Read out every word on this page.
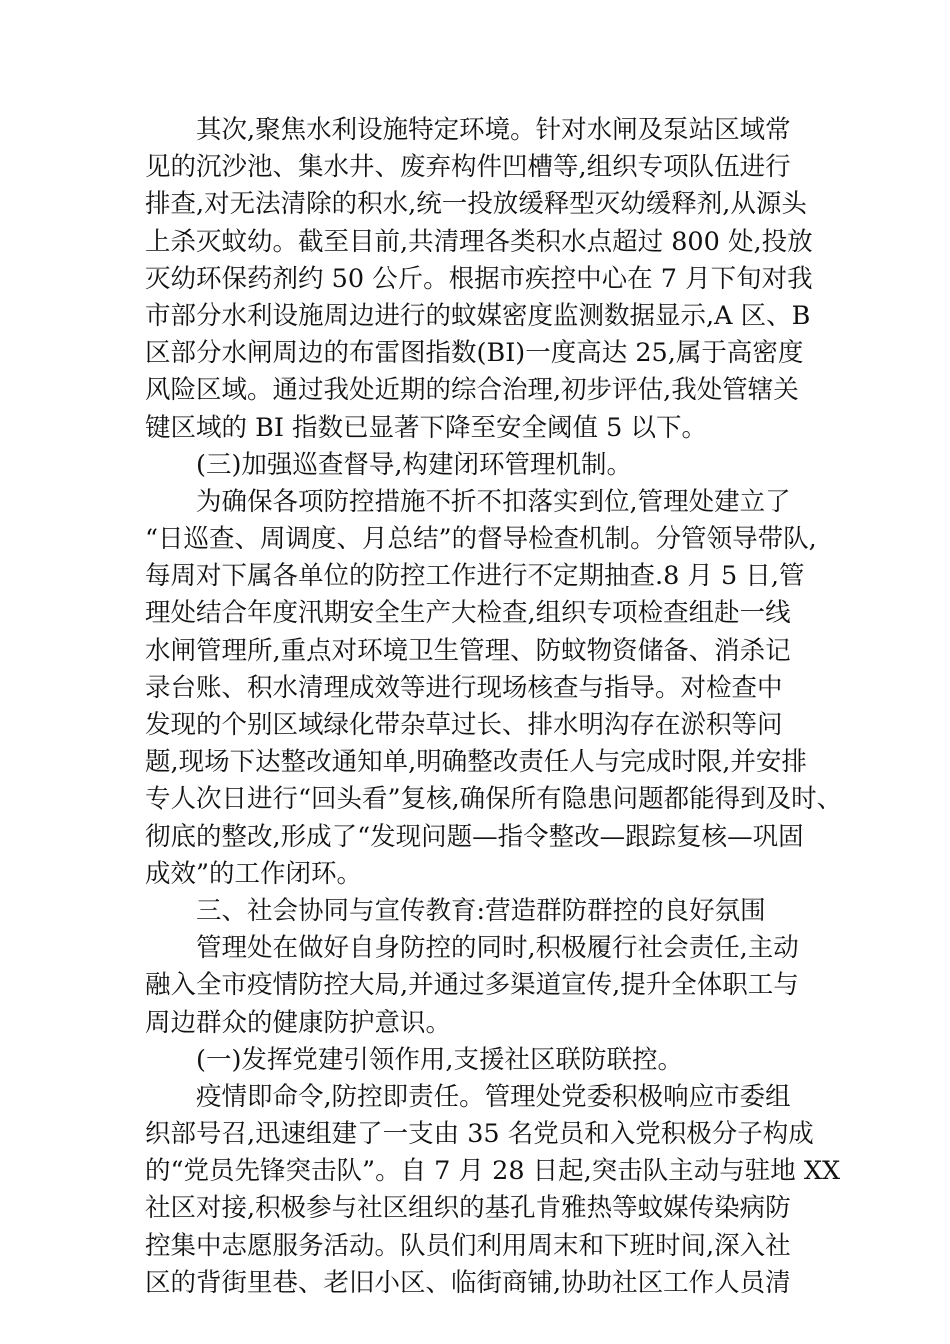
其次,聚焦水利设施特定环境。针对水闸及泵站区域常
见的沉沙池、集水井、废弃构件凹槽等,组织专项队伍进行
排查,对无法清除的积水,统一投放缓释型灭幼缓释剂,从源头
上杀灭蚊幼。截至目前,共清理各类积水点超过 800 处,投放
灭幼环保药剂约 50 公斤。根据市疾控中心在 7 月下旬对我
市部分水利设施周边进行的蚊媒密度监测数据显示,A 区、B
区部分水闸周边的布雷图指数(BI)一度高达 25,属于高密度
风险区域。通过我处近期的综合治理,初步评估,我处管辖关
键区域的 BI 指数已显著下降至安全阈值 5 以下。
(三)加强巡查督导,构建闭环管理机制。
为确保各项防控措施不折不扣落实到位,管理处建立了
“日巡查、周调度、月总结”的督导检查机制。分管领导带队,
每周对下属各单位的防控工作进行不定期抽查.8 月 5 日,管
理处结合年度汛期安全生产大检查,组织专项检查组赴一线
水闸管理所,重点对环境卫生管理、防蚊物资储备、消杀记
录台账、积水清理成效等进行现场核查与指导。对检查中
发现的个别区域绿化带杂草过长、排水明沟存在淤积等问
题,现场下达整改通知单,明确整改责任人与完成时限,并安排
专人次日进行“回头看”复核,确保所有隐患问题都能得到及时、
彻底的整改,形成了“发现问题—指令整改—跟踪复核—巩固
成效”的工作闭环。
三、社会协同与宣传教育:营造群防群控的良好氛围
管理处在做好自身防控的同时,积极履行社会责任,主动
融入全市疫情防控大局,并通过多渠道宣传,提升全体职工与
周边群众的健康防护意识。
(一)发挥党建引领作用,支援社区联防联控。
疫情即命令,防控即责任。管理处党委积极响应市委组
织部号召,迅速组建了一支由 35 名党员和入党积极分子构成
的“党员先锋突击队”。自 7 月 28 日起,突击队主动与驻地 XX
社区对接,积极参与社区组织的基孔肯雅热等蚊媒传染病防
控集中志愿服务活动。队员们利用周末和下班时间,深入社
区的背街里巷、老旧小区、临街商铺,协助社区工作人员清
